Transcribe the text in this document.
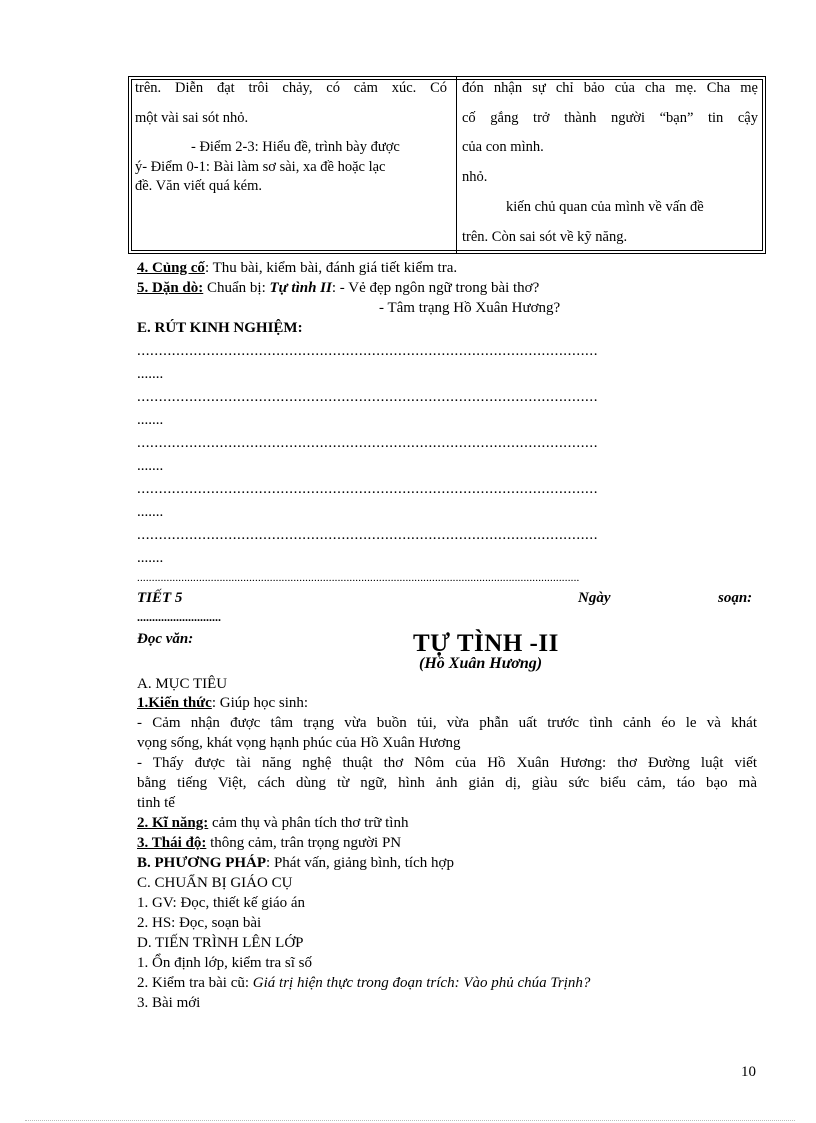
trên. Diễn đạt trôi chảy, có cảm xúc. Có
một vài sai sót nhỏ.
- Điểm 2-3: Hiểu đề, trình bày được
ý- Điểm 0-1: Bài làm sơ sài, xa đề hoặc lạc
đề. Văn viết quá kém.
đón nhận sự chỉ bảo của cha mẹ. Cha mẹ
cố gắng trở thành người “bạn” tin cậy
của con mình.
nhỏ.
kiến chủ quan của mình về vấn đề
trên. Còn sai sót về kỹ năng.
4. Củng cố: Thu bài, kiểm bài, đánh giá tiết kiểm tra.
5. Dặn dò: Chuẩn bị: Tự tình II: - Vẻ đẹp ngôn ngữ trong bài thơ?
- Tâm trạng Hồ Xuân Hương?
E. RÚT KINH NGHIỆM:
..........................................................................................................
.......
..........................................................................................................
.......
..........................................................................................................
.......
..........................................................................................................
.......
..........................................................................................................
.......
......................................................................................................................................................
TIẾT 5	Ngày	soạn:
............................
Đọc văn:	TỰ TÌNH -II
(Hồ Xuân Hương)
A. MỤC TIÊU
1.Kiến thức: Giúp học sinh:
- Cảm nhận được tâm trạng vừa buồn tủi, vừa phẫn uất trước tình cảnh éo le và khát
vọng sống, khát vọng hạnh phúc của Hồ Xuân Hương
- Thấy được tài năng nghệ thuật thơ Nôm của Hồ Xuân Hương: thơ Đường luật viết
bằng tiếng Việt, cách dùng từ ngữ, hình ảnh giản dị, giàu sức biểu cảm, táo bạo mà
tinh tế
2. Kĩ năng: cảm thụ và phân tích thơ trữ tình
3. Thái độ: thông cảm, trân trọng người PN
B. PHƯƠNG PHÁP: Phát vấn, giảng bình, tích hợp
C. CHUẨN BỊ GIÁO CỤ
1. GV: Đọc, thiết kế giáo án
2. HS: Đọc, soạn bài
D. TIẾN TRÌNH LÊN LỚP
1. Ổn định lớp, kiểm tra sĩ số
2. Kiểm tra bài cũ: Giá trị hiện thực trong đoạn trích: Vào phủ chúa Trịnh?
3. Bài mới
10
